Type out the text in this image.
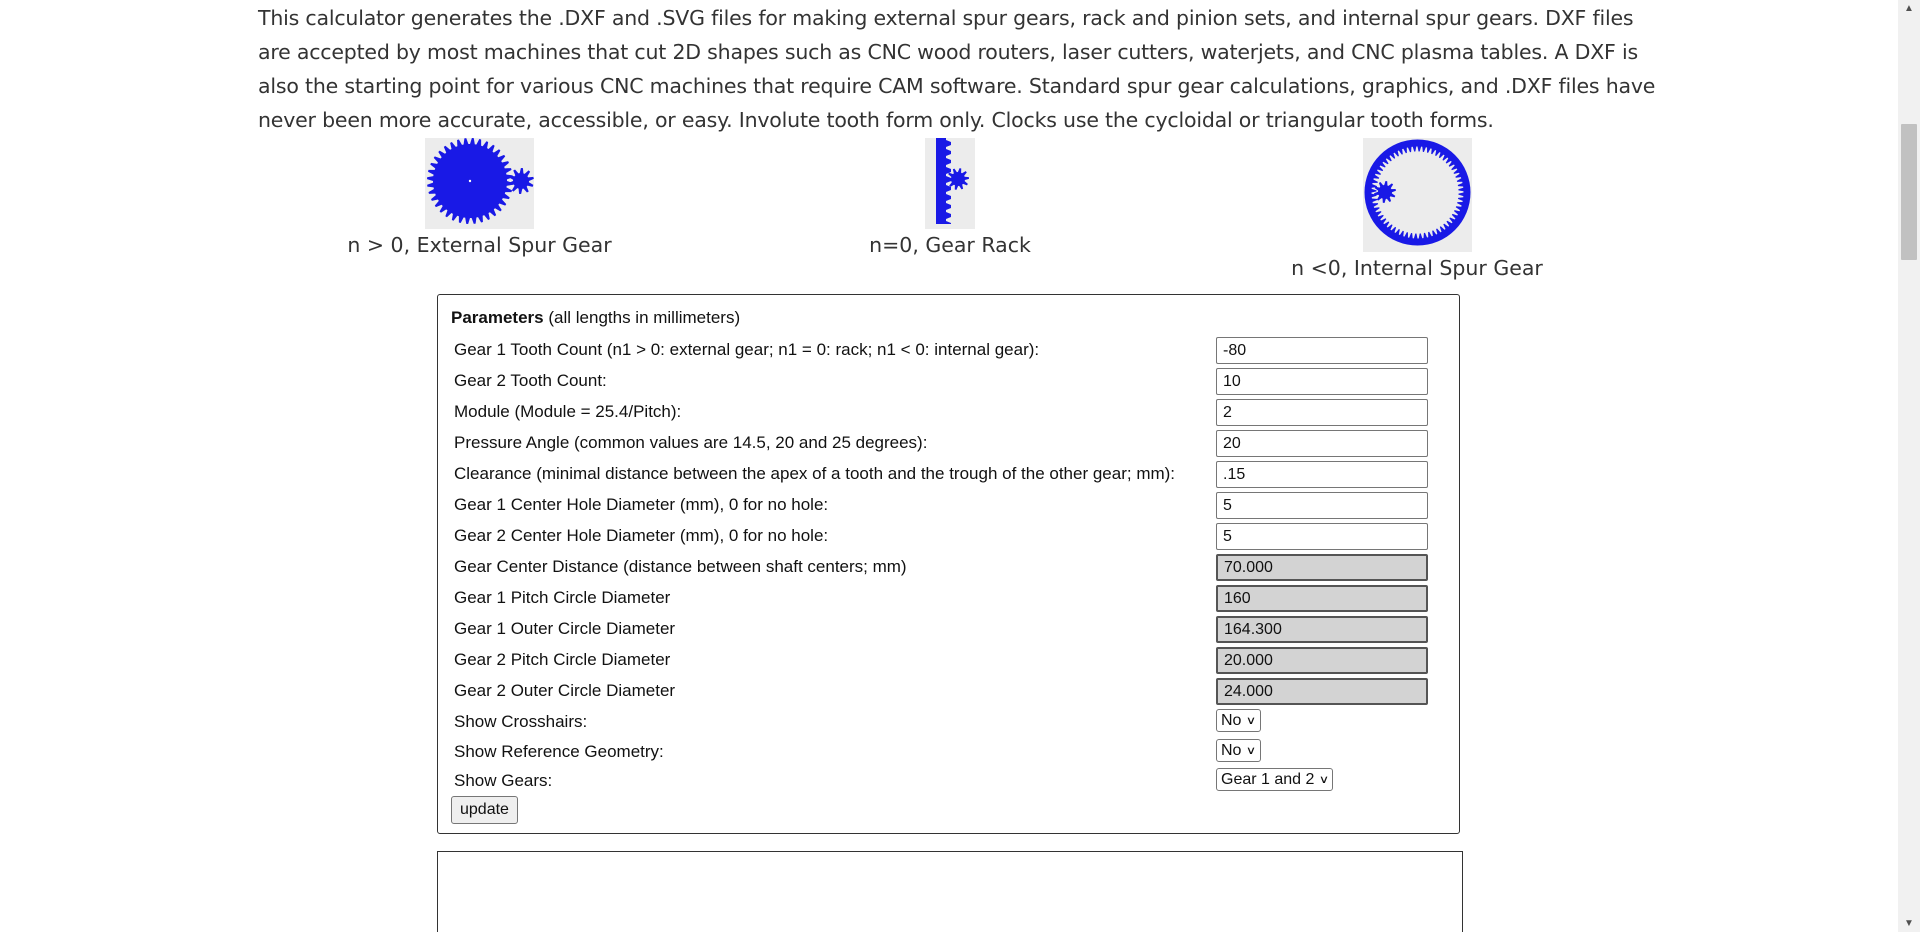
This calculator generates the .DXF and .SVG files for making external spur gears, rack and pinion sets, and internal spur gears. DXF files are accepted by most machines that cut 2D shapes such as CNC wood routers, laser cutters, waterjets, and CNC plasma tables. A DXF is also the starting point for various CNC machines that require CAM software. Standard spur gear calculations, graphics, and .DXF files have never been more accurate, accessible, or easy. Involute tooth form only. Clocks use the cycloidal or triangular tooth forms.

n > 0, External Spur Gear	n=0, Gear Rack
n <0, Internal Spur Gear
Parameters (all lengths in millimeters)
Gear 1 Tooth Count (n1 > 0: external gear; n1 = 0: rack; n1 < 0: internal gear):
-80
Gear 2 Tooth Count:
10
Module (Module = 25.4/Pitch):
2
Pressure Angle (common values are 14.5, 20 and 25 degrees):
20
Clearance (minimal distance between the apex of a tooth and the trough of the other gear; mm):
.15
Gear 1 Center Hole Diameter (mm), 0 for no hole:
5
Gear 2 Center Hole Diameter (mm), 0 for no hole:
5
Gear Center Distance (distance between shaft centers; mm)
70.000
Gear 1 Pitch Circle Diameter
160
Gear 1 Outer Circle Diameter
164.300
Gear 2 Pitch Circle Diameter
20.000
Gear 2 Outer Circle Diameter
24.000
Show Crosshairs:	No ∨
Show Reference Geometry:	No ∨
Show Gears:	Gear 1 and 2 ∨
update
▲
▼
